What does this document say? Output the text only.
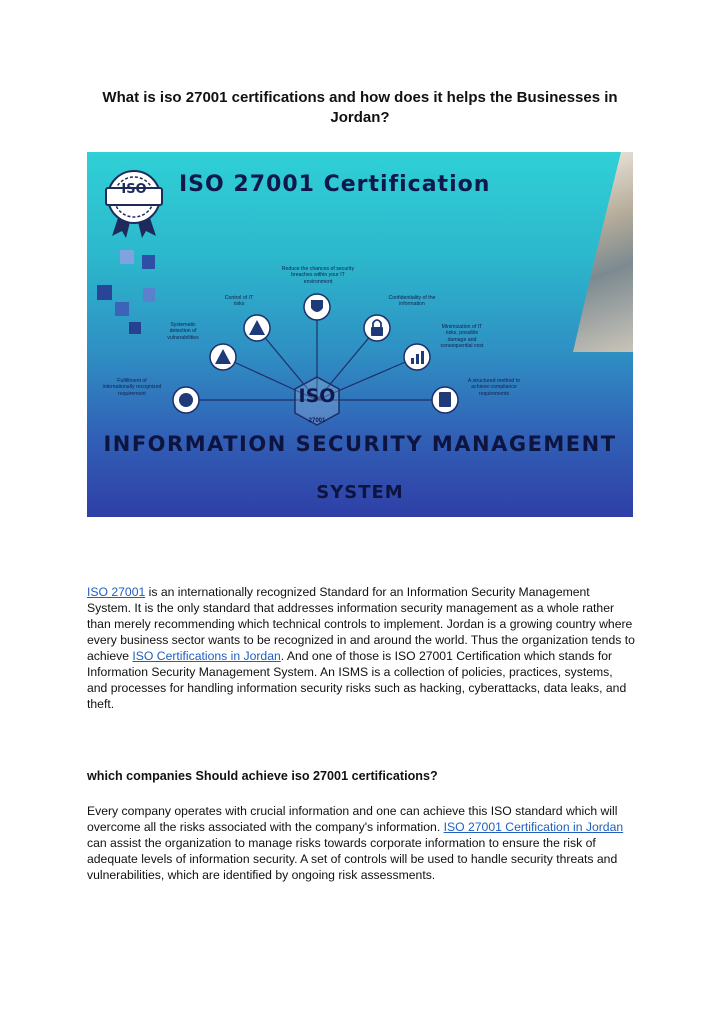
What is iso 27001 certifications and how does it helps the Businesses in Jordan?
ISO	ISO 27001 Certification
ISO
27001
Reduce the chances of security breaches within your IT environment
Control of IT risks
Confidentiality of the information
Systematic detection of vulnerabilities
Minimization of IT risks, possible damage and consequential cost
Fulfillment of internationally recognized requirement
A structured method to achieve compliance requirements
INFORMATION SECURITY MANAGEMENT
SYSTEM
ISO 27001 is an internationally recognized Standard for an Information Security Management System. It is the only standard that addresses information security management as a whole rather than merely recommending which technical controls to implement. Jordan is a growing country where every business sector wants to be recognized in and around the world. Thus the organization tends to achieve ISO Certifications in Jordan. And one of those is ISO 27001 Certification which stands for Information Security Management System. An ISMS is a collection of policies, practices, systems, and processes for handling information security risks such as hacking, cyberattacks, data leaks, and theft.
which companies Should achieve iso 27001 certifications?
Every company operates with crucial information and one can achieve this ISO standard which will overcome all the risks associated with the company's information. ISO 27001 Certification in Jordan can assist the organization to manage risks towards corporate information to ensure the risk of adequate levels of information security. A set of controls will be used to handle security threats and vulnerabilities, which are identified by ongoing risk assessments.
